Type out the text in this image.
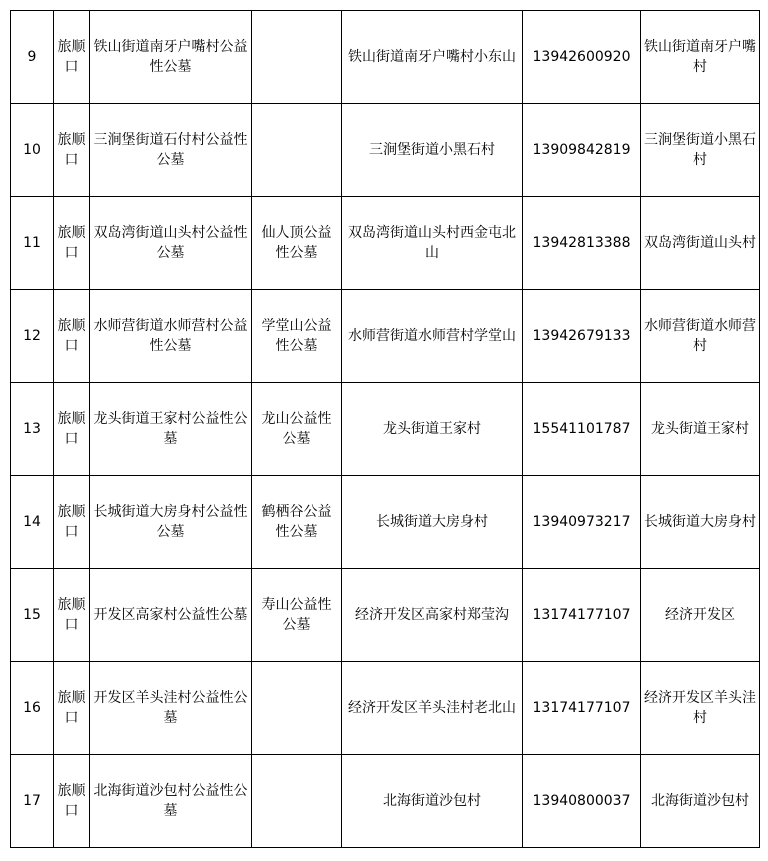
9	旅顺口	铁山街道南牙户嘴村公益性公墓		铁山街道南牙户嘴村小东山	13942600920	铁山街道南牙户嘴村
10	旅顺口	三涧堡街道石付村公益性公墓		三涧堡街道小黑石村	13909842819	三涧堡街道小黑石村
11	旅顺口	双岛湾街道山头村公益性公墓	仙人顶公益性公墓	双岛湾街道山头村西金屯北山	13942813388	双岛湾街道山头村
12	旅顺口	水师营街道水师营村公益性公墓	学堂山公益性公墓	水师营街道水师营村学堂山	13942679133	水师营街道水师营村
13	旅顺口	龙头街道王家村公益性公墓	龙山公益性公墓	龙头街道王家村	15541101787	龙头街道王家村
14	旅顺口	长城街道大房身村公益性公墓	鹤栖谷公益性公墓	长城街道大房身村	13940973217	长城街道大房身村
15	旅顺口	开发区高家村公益性公墓	寿山公益性公墓	经济开发区高家村郑莹沟	13174177107	经济开发区
16	旅顺口	开发区羊头洼村公益性公墓		经济开发区羊头洼村老北山	13174177107	经济开发区羊头洼村
17	旅顺口	北海街道沙包村公益性公墓		北海街道沙包村	13940800037	北海街道沙包村
